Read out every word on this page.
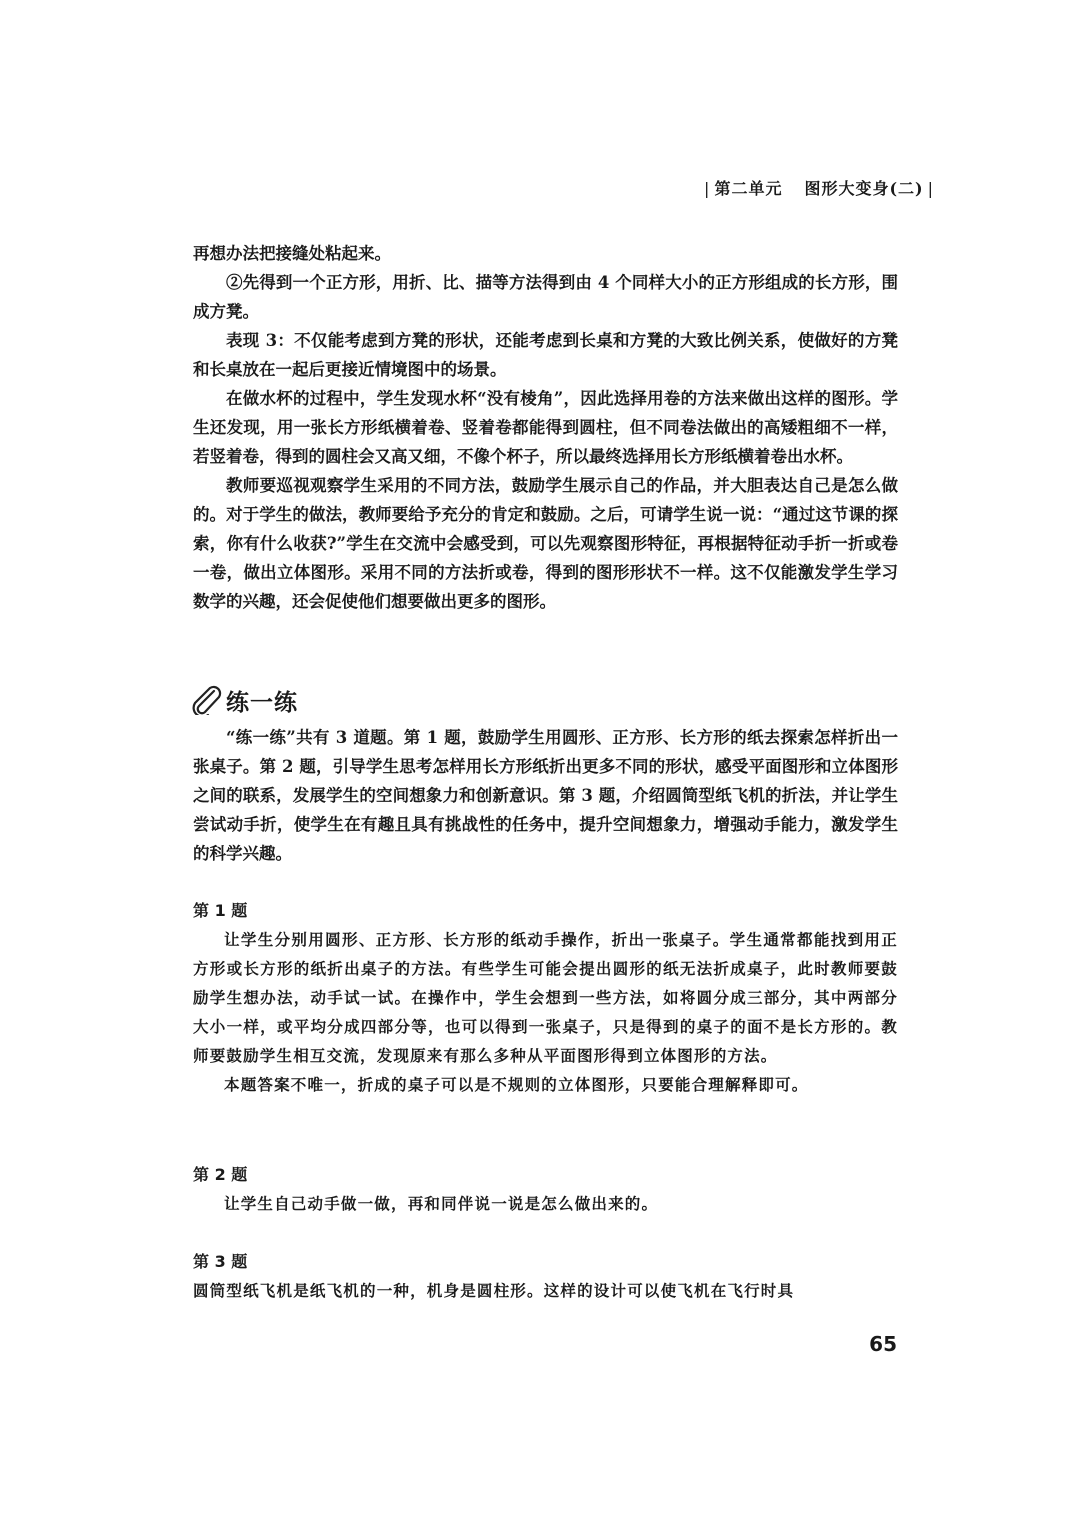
| 第二单元 图形大变身(二) |

再想办法把接缝处粘起来。

②先得到一个正方形，用折、比、描等方法得到由 4 个同样大小的正方形组成的长方形，围成方凳。

表现 3：不仅能考虑到方凳的形状，还能考虑到长桌和方凳的大致比例关系，使做好的方凳和长桌放在一起后更接近情境图中的场景。

在做水杯的过程中，学生发现水杯“没有棱角”，因此选择用卷的方法来做出这样的图形。学生还发现，用一张长方形纸横着卷、竖着卷都能得到圆柱，但不同卷法做出的高矮粗细不一样，若竖着卷，得到的圆柱会又高又细，不像个杯子，所以最终选择用长方形纸横着卷出水杯。

教师要巡视观察学生采用的不同方法，鼓励学生展示自己的作品，并大胆表达自己是怎么做的。对于学生的做法，教师要给予充分的肯定和鼓励。之后，可请学生说一说：“通过这节课的探索，你有什么收获?”学生在交流中会感受到，可以先观察图形特征，再根据特征动手折一折或卷一卷，做出立体图形。采用不同的方法折或卷，得到的图形形状不一样。这不仅能激发学生学习数学的兴趣，还会促使他们想要做出更多的图形。

练一练

“练一练”共有 3 道题。第 1 题，鼓励学生用圆形、正方形、长方形的纸去探索怎样折出一张桌子。第 2 题，引导学生思考怎样用长方形纸折出更多不同的形状，感受平面图形和立体图形之间的联系，发展学生的空间想象力和创新意识。第 3 题，介绍圆筒型纸飞机的折法，并让学生尝试动手折，使学生在有趣且具有挑战性的任务中，提升空间想象力，增强动手能力，激发学生的科学兴趣。

第 1 题

让学生分别用圆形、正方形、长方形的纸动手操作，折出一张桌子。学生通常都能找到用正方形或长方形的纸折出桌子的方法。有些学生可能会提出圆形的纸无法折成桌子，此时教师要鼓励学生想办法，动手试一试。在操作中，学生会想到一些方法，如将圆分成三部分，其中两部分大小一样，或平均分成四部分等，也可以得到一张桌子，只是得到的桌子的面不是长方形的。教师要鼓励学生相互交流，发现原来有那么多种从平面图形得到立体图形的方法。

本题答案不唯一，折成的桌子可以是不规则的立体图形，只要能合理解释即可。

第 2 题

让学生自己动手做一做，再和同伴说一说是怎么做出来的。

第 3 题

圆筒型纸飞机是纸飞机的一种，机身是圆柱形。这样的设计可以使飞机在飞行时具

65
